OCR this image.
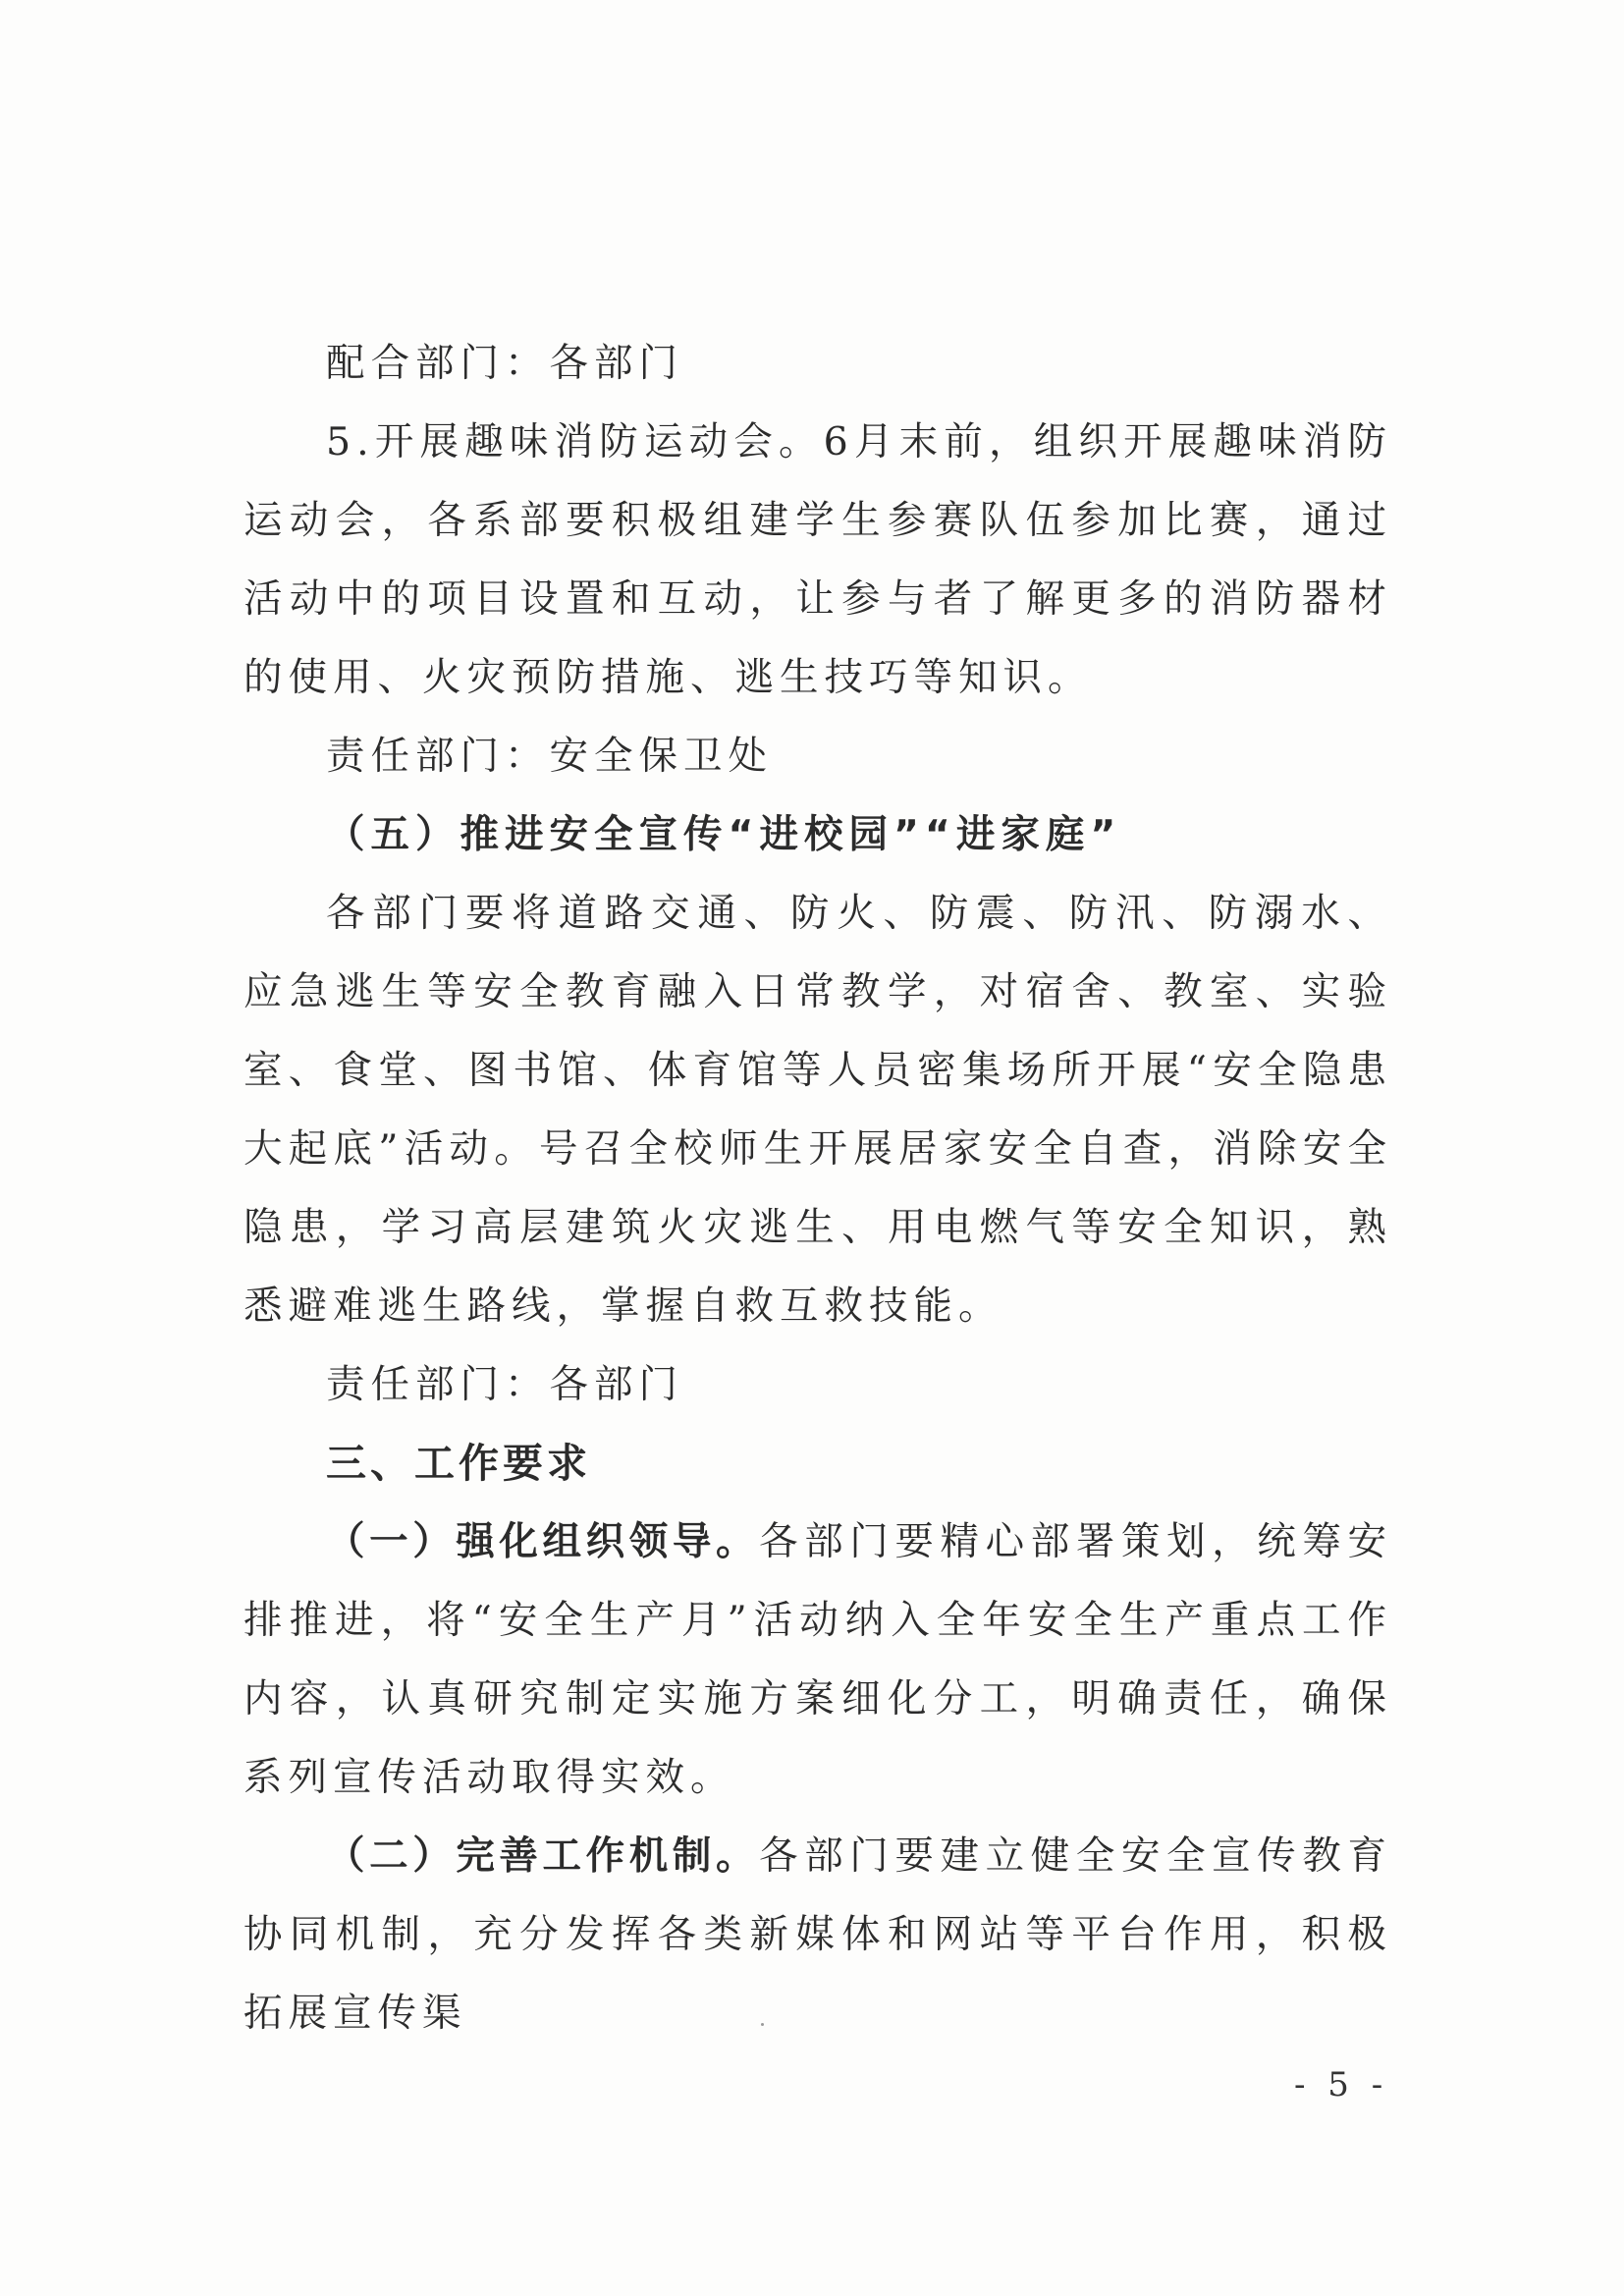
配合部门：各部门

5.开展趣味消防运动会。6月末前，组织开展趣味消防运动会，各系部要积极组建学生参赛队伍参加比赛，通过活动中的项目设置和互动，让参与者了解更多的消防器材的使用、火灾预防措施、逃生技巧等知识。

责任部门：安全保卫处

（五）推进安全宣传“进校园”“进家庭”

各部门要将道路交通、防火、防震、防汛、防溺水、应急逃生等安全教育融入日常教学，对宿舍、教室、实验室、食堂、图书馆、体育馆等人员密集场所开展“安全隐患大起底”活动。号召全校师生开展居家安全自查，消除安全隐患，学习高层建筑火灾逃生、用电燃气等安全知识，熟悉避难逃生路线，掌握自救互救技能。

责任部门：各部门

三、工作要求

（一）强化组织领导。各部门要精心部署策划，统筹安排推进，将“安全生产月”活动纳入全年安全生产重点工作内容，认真研究制定实施方案细化分工，明确责任，确保系列宣传活动取得实效。

（二）完善工作机制。各部门要建立健全安全宣传教育协同机制，充分发挥各类新媒体和网站等平台作用，积极拓展宣传渠

- 5 -
